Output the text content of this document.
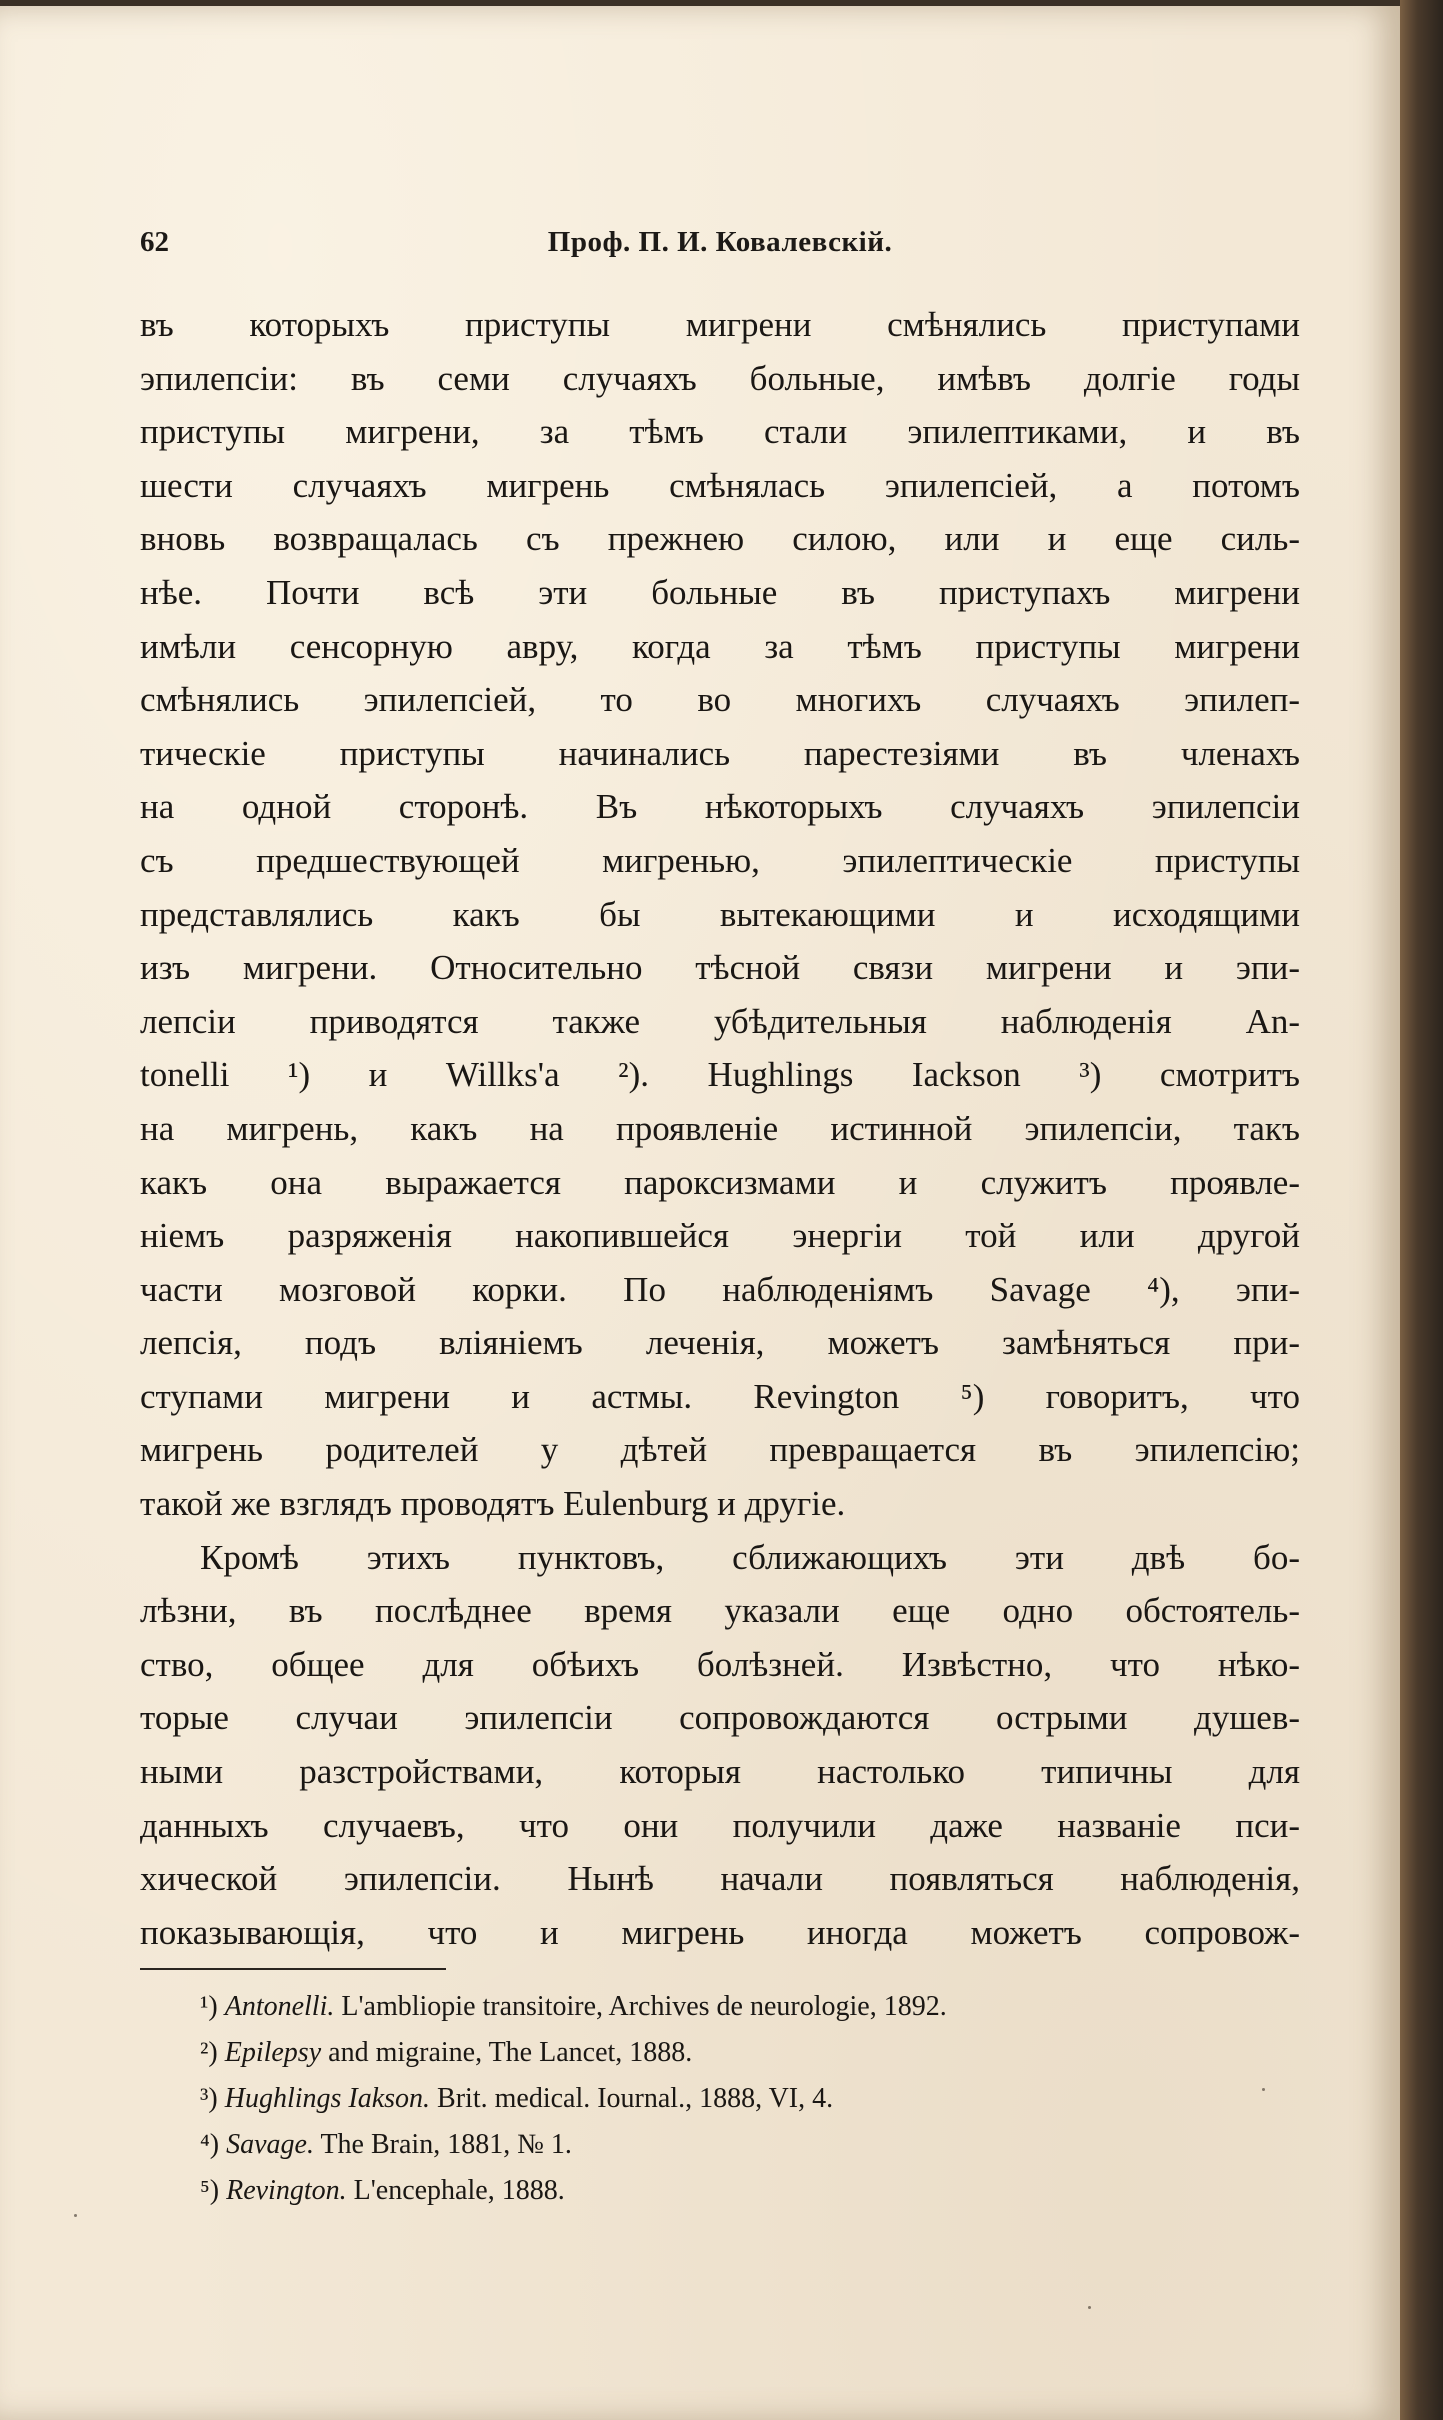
62	Проф. П. И. Ковалевскій.
въ которыхъ приступы мигрени смѣнялись приступами
эпилепсіи: въ семи случаяхъ больные, имѣвъ долгіе годы
приступы мигрени, за тѣмъ стали эпилептиками, и въ
шести случаяхъ мигрень смѣнялась эпилепсіей, а потомъ
вновь возвращалась съ прежнею силою, или и еще силь-
нѣе. Почти всѣ эти больные въ приступахъ мигрени
имѣли сенсорную авру, когда за тѣмъ приступы мигрени
смѣнялись эпилепсіей, то во многихъ случаяхъ эпилеп-
тическіе приступы начинались парестезіями въ членахъ
на одной сторонѣ. Въ нѣкоторыхъ случаяхъ эпилепсіи
съ предшествующей мигренью, эпилептическіе приступы
представлялись какъ бы вытекающими и исходящими
изъ мигрени. Относительно тѣсной связи мигрени и эпи-
лепсіи приводятся также убѣдительныя наблюденія An-
tonelli ¹) и Willks'а ²). Hughlings Iackson ³) смотритъ
на мигрень, какъ на проявленіе истинной эпилепсіи, такъ
какъ она выражается пароксизмами и служитъ проявле-
ніемъ разряженія накопившейся энергіи той или другой
части мозговой корки. По наблюденіямъ Savage ⁴), эпи-
лепсія, подъ вліяніемъ леченія, можетъ замѣняться при-
ступами мигрени и астмы. Revington ⁵) говоритъ, что
мигрень родителей у дѣтей превращается въ эпилепсію;
такой же взглядъ проводятъ Eulenburg и другіе.
Кромѣ этихъ пунктовъ, сближающихъ эти двѣ бо-
лѣзни, въ послѣднее время указали еще одно обстоятель-
ство, общее для обѣихъ болѣзней. Извѣстно, что нѣко-
торые случаи эпилепсіи сопровождаются острыми душев-
ными разстройствами, которыя настолько типичны для
данныхъ случаевъ, что они получили даже названіе пси-
хической эпилепсіи. Нынѣ начали появляться наблюденія,
показывающія, что и мигрень иногда можетъ сопровож-
¹) Antonelli. L'ambliopie transitoire, Archives de neurologie, 1892.
²) Epilepsy and migraine, The Lancet, 1888.
³) Hughlings Iakson. Brit. medical. Iournal., 1888, VI, 4.
⁴) Savage. The Brain, 1881, № 1.
⁵) Revington. L'encephale, 1888.
